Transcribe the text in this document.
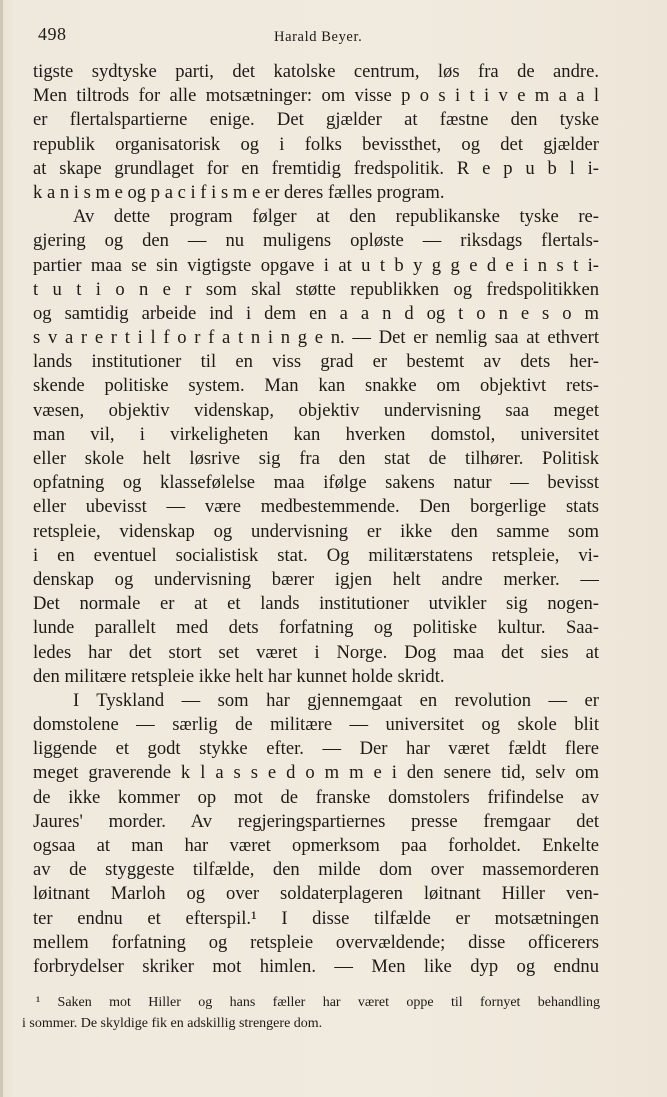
498	Harald Beyer.
tigste sydtyske parti, det katolske centrum, løs fra de andre.
Men tiltrods for alle motsætninger: om visse p o s i t i v e m a a l
er flertalspartierne enige. Det gjælder at fæstne den tyske
republik organisatorisk og i folks bevissthet, og det gjælder
at skape grundlaget for en fremtidig fredspolitik. R e p u b l i-
k a n i s m e og p a c i f i s m e er deres fælles program.
Av dette program følger at den republikanske tyske re-
gjering og den — nu muligens opløste — riksdags flertals-
partier maa se sin vigtigste opgave i at u t b y g g e d e i n s t i-
t u t i o n e r som skal støtte republikken og fredspolitikken
og samtidig arbeide ind i dem en a a n d og t o n e s o m
s v a r e r t i l f o r f a t n i n g e n. — Det er nemlig saa at ethvert
lands institutioner til en viss grad er bestemt av dets her-
skende politiske system. Man kan snakke om objektivt rets-
væsen, objektiv videnskap, objektiv undervisning saa meget
man vil, i virkeligheten kan hverken domstol, universitet
eller skole helt løsrive sig fra den stat de tilhører. Politisk
opfatning og klassefølelse maa ifølge sakens natur — bevisst
eller ubevisst — være medbestemmende. Den borgerlige stats
retspleie, videnskap og undervisning er ikke den samme som
i en eventuel socialistisk stat. Og militærstatens retspleie, vi-
denskap og undervisning bærer igjen helt andre merker. —
Det normale er at et lands institutioner utvikler sig nogen-
lunde parallelt med dets forfatning og politiske kultur. Saa-
ledes har det stort set været i Norge. Dog maa det sies at
den militære retspleie ikke helt har kunnet holde skridt.
I Tyskland — som har gjennemgaat en revolution — er
domstolene — særlig de militære — universitet og skole blit
liggende et godt stykke efter. — Der har været fældt flere
meget graverende k l a s s e d o m m e i den senere tid, selv om
de ikke kommer op mot de franske domstolers frifindelse av
Jaures' morder. Av regjeringspartiernes presse fremgaar det
ogsaa at man har været opmerksom paa forholdet. Enkelte
av de styggeste tilfælde, den milde dom over massemorderen
løitnant Marloh og over soldaterplageren løitnant Hiller ven-
ter endnu et efterspil.¹ I disse tilfælde er motsætningen
mellem forfatning og retspleie overvældende; disse officerers
forbrydelser skriker mot himlen. — Men like dyp og endnu
¹ Saken mot Hiller og hans fæller har været oppe til fornyet behandling
i sommer. De skyldige fik en adskillig strengere dom.
